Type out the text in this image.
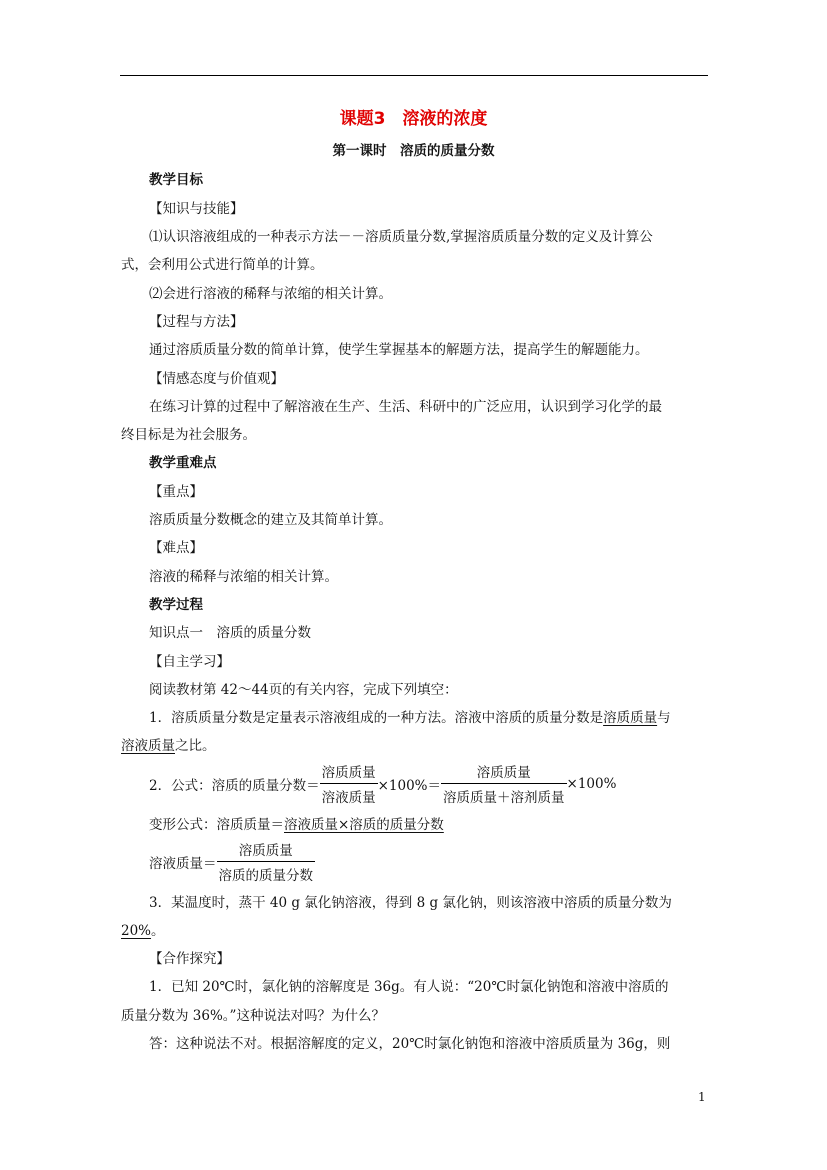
课题3　溶液的浓度
第一课时　溶质的质量分数
教学目标
【知识与技能】
⑴认识溶液组成的一种表示方法－－溶质质量分数,掌握溶质质量分数的定义及计算公
式，会利用公式进行简单的计算。
⑵会进行溶液的稀释与浓缩的相关计算。
【过程与方法】
通过溶质质量分数的简单计算，使学生掌握基本的解题方法，提高学生的解题能力。
【情感态度与价值观】
在练习计算的过程中了解溶液在生产、生活、科研中的广泛应用，认识到学习化学的最
终目标是为社会服务。
教学重难点
【重点】
溶质质量分数概念的建立及其简单计算。
【难点】
溶液的稀释与浓缩的相关计算。
教学过程
知识点一　溶质的质量分数
【自主学习】
阅读教材第 42～44页的有关内容，完成下列填空：
1．溶质质量分数是定量表示溶液组成的一种方法。溶液中溶质的质量分数是溶质质量与
溶液质量之比。
2．公式：溶质的质量分数＝ $\frac{\text{溶质质量}}{\text{溶液质量}} \times 100\%= \frac{\text{溶质质量}}{\text{溶质质量＋溶剂质量}} \times 100\%$
变形公式：溶质质量＝溶液质量×溶质的质量分数
溶液质量＝ $\frac{\text{溶质质量}}{\text{溶质的质量分数}}$
3．某温度时，蒸干 40 g 氯化钠溶液，得到 8 g 氯化钠，则该溶液中溶质的质量分数为
20%。
【合作探究】
1．已知 20℃时，氯化钠的溶解度是 36g。有人说：“20℃时氯化钠饱和溶液中溶质的
质量分数为 36%。”这种说法对吗？为什么？
答：这种说法不对。根据溶解度的定义，20℃时氯化钠饱和溶液中溶质质量为 36g，则
1
